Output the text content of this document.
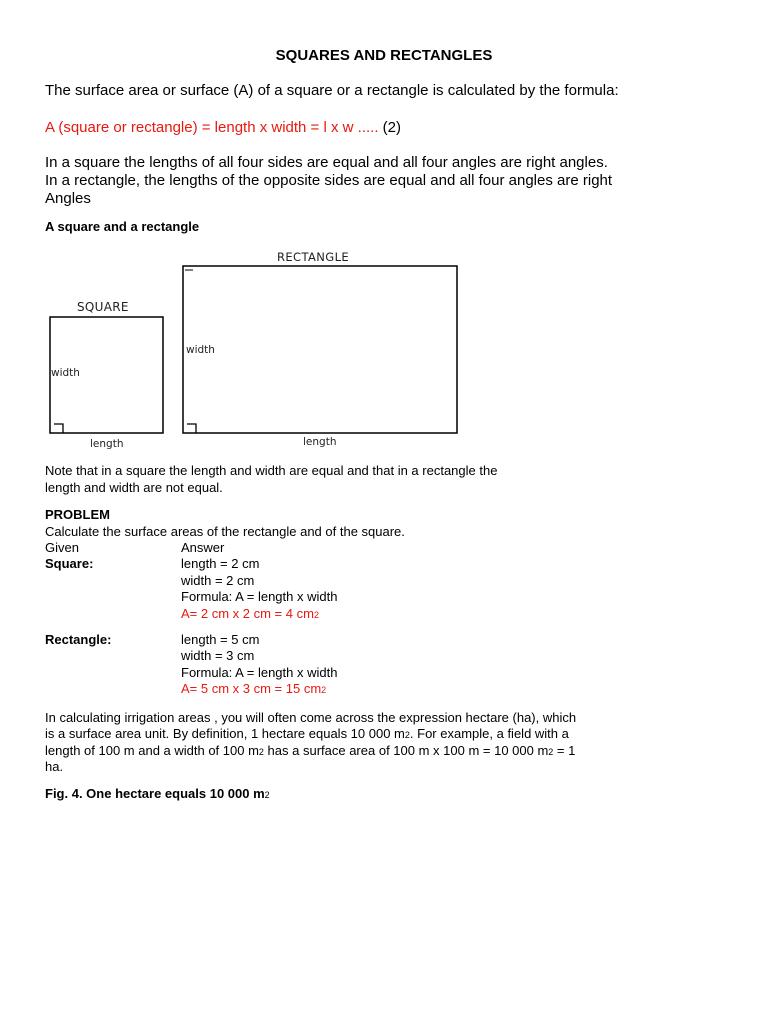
SQUARES AND RECTANGLES
The surface area or surface (A) of a square or a rectangle is calculated by the formula:
A (square or rectangle) = length x width = l x w ..... (2)
In a square the lengths of all four sides are equal and all four angles are right angles.
In a rectangle, the lengths of the opposite sides are equal and all four angles are right
Angles
A square and a rectangle
SQUARE
width
length
RECTANGLE
width
length
Note that in a square the length and width are equal and that in a rectangle the
length and width are not equal.
PROBLEM
Calculate the surface areas of the rectangle and of the square.
Given	Answer
Square:	length = 2 cm
width = 2 cm
Formula: A = length x width
A= 2 cm x 2 cm = 4 cm2
Rectangle:	length = 5 cm
width = 3 cm
Formula: A = length x width
A= 5 cm x 3 cm = 15 cm2
In calculating irrigation areas , you will often come across the expression hectare (ha), which
is a surface area unit. By definition, 1 hectare equals 10 000 m2. For example, a field with a
length of 100 m and a width of 100 m2 has a surface area of 100 m x 100 m = 10 000 m2 = 1
ha.
Fig. 4. One hectare equals 10 000 m2
